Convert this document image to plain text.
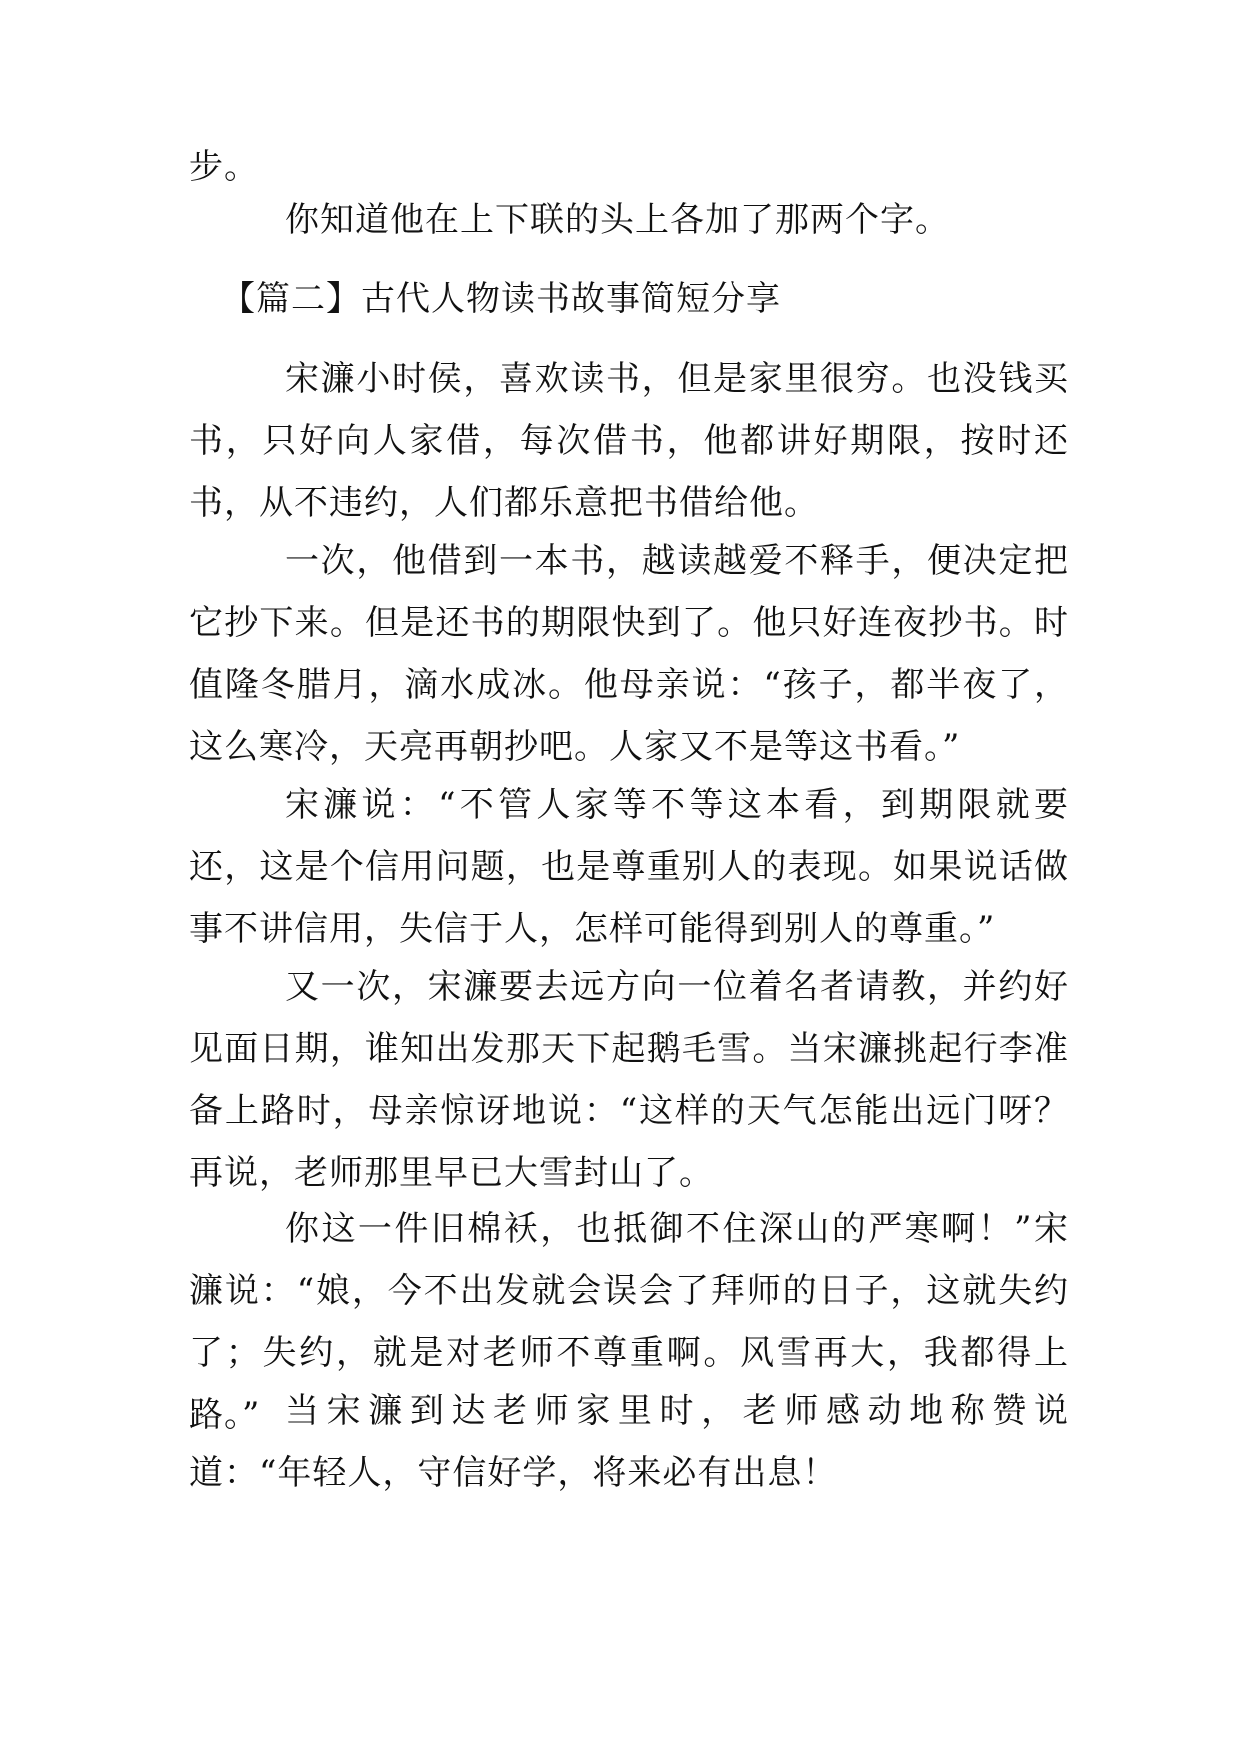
步。

你知道他在上下联的头上各加了那两个字。

【篇二】古代人物读书故事简短分享

宋濂小时侯，喜欢读书，但是家里很穷。也没钱买书，只好向人家借，每次借书，他都讲好期限，按时还书，从不违约，人们都乐意把书借给他。

一次，他借到一本书，越读越爱不释手，便决定把它抄下来。但是还书的期限快到了。他只好连夜抄书。时值隆冬腊月，滴水成冰。他母亲说：“孩子，都半夜了，这么寒冷，天亮再朝抄吧。人家又不是等这书看。”

宋濂说：“不管人家等不等这本看，到期限就要还，这是个信用问题，也是尊重别人的表现。如果说话做事不讲信用，失信于人，怎样可能得到别人的尊重。”

又一次，宋濂要去远方向一位着名者请教，并约好见面日期，谁知出发那天下起鹅毛雪。当宋濂挑起行李准备上路时，母亲惊讶地说：“这样的天气怎能出远门呀？再说，老师那里早已大雪封山了。

你这一件旧棉袄，也抵御不住深山的严寒啊！”宋濂说：“娘，今不出发就会误会了拜师的日子，这就失约了；失约，就是对老师不尊重啊。风雪再大，我都得上路。” 当宋濂到达老师家里时，老师感动地称赞说道：“年轻人，守信好学，将来必有出息！
